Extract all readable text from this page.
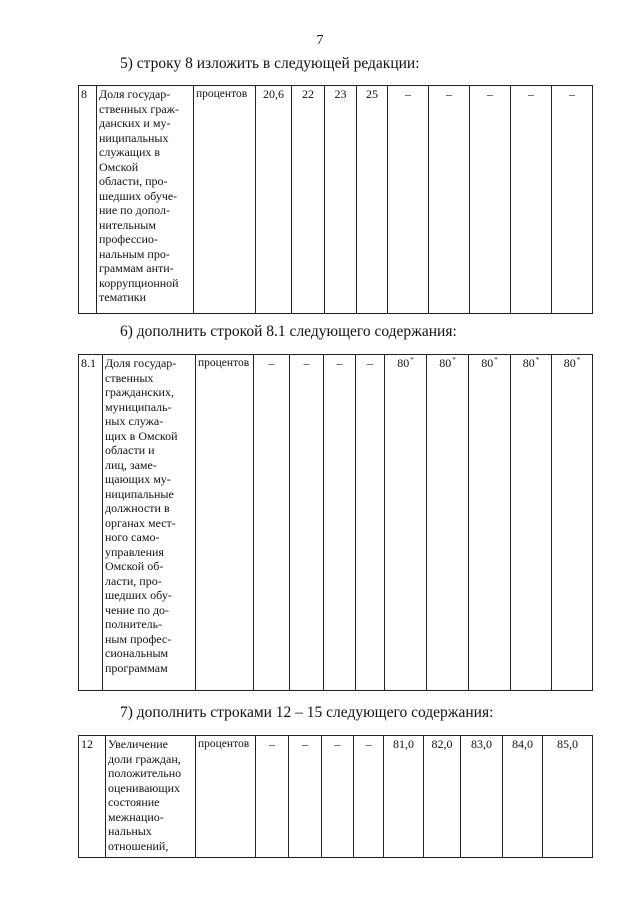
7
5) строку 8 изложить в следующей редакции:
8	Доля государ-
ственных граж-
данских и му-
ниципальных
служащих в
Омской
области, про-
шедших обуче-
ние по допол-
нительным
профессио-
нальным про-
граммам анти-
коррупционной
тематики	процентов	20,6	22	23	25	–	–	–	–	–
6) дополнить строкой 8.1 следующего содержания:
8.1	Доля государ-
ственных
гражданских,
муниципаль-
ных служа-
щих в Омской
области и
лиц, заме-
щающих му-
ниципальные
должности в
органах мест-
ного само-
управления
Омской об-
ласти, про-
шедших обу-
чение по до-
полнитель-
ным профес-
сиональным
программам	процентов	–	–	–	–	80*	80*	80*	80*	80*
7) дополнить строками 12 – 15 следующего содержания:
12	Увеличение
доли граждан,
положительно
оценивающих
состояние
межнацио-
нальных
отношений,	процентов	–	–	–	–	81,0	82,0	83,0	84,0	85,0
